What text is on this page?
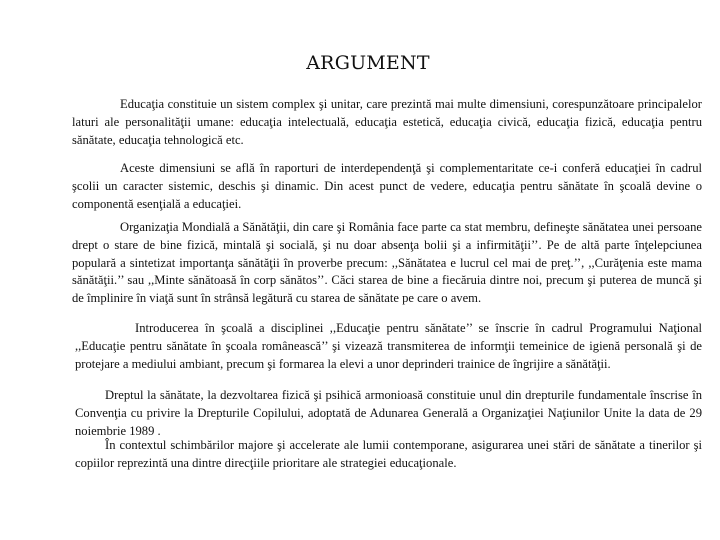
ARGUMENT

Educaţia constituie un sistem complex şi unitar, care prezintă mai multe dimensiuni, corespunzătoare principalelor laturi ale personalităţii umane: educaţia intelectuală, educaţia estetică, educaţia civică, educaţia fizică, educaţia pentru sănătate, educaţia tehnologică etc.

Aceste dimensiuni se află în raporturi de interdependenţă şi complementaritate ce-i conferă educaţiei în cadrul şcolii un caracter sistemic, deschis şi dinamic. Din acest punct de vedere, educaţia pentru sănătate în şcoală devine o componentă esenţială a educaţiei.

Organizaţia Mondială a Sănătăţii, din care şi România face parte ca stat membru, defineşte sănătatea unei persoane drept o stare de bine fizică, mintală şi socială, şi nu doar absenţa bolii şi a infirmităţii’’. Pe de altă parte înţelepciunea populară a sintetizat importanţa sănătăţii în proverbe precum: ,,Sănătatea e lucrul cel mai de preţ.’’, ,,Curăţenia este mama sănătăţii.’’ sau ,,Minte sănătoasă în corp sănătos’’. Căci starea de bine a fiecăruia dintre noi, precum şi puterea de muncă şi de împlinire în viaţă sunt în strânsă legătură cu starea de sănătate pe care o avem.

Introducerea în şcoală a disciplinei ,,Educaţie pentru sănătate’’ se înscrie în cadrul Programului Naţional ,,Educaţie pentru sănătate în şcoala românească’’ şi vizează transmiterea de informţii temeinice de igienă personală şi de protejare a mediului ambiant, precum şi formarea la elevi a unor deprinderi trainice de îngrijire a sănătăţii.

Dreptul la sănătate, la dezvoltarea fizică şi psihică armonioasă constituie unul din drepturile fundamentale înscrise în Convenţia cu privire la Drepturile Copilului, adoptată de Adunarea Generală a Organizaţiei Naţiunilor Unite la data de 29 noiembrie 1989 .

În contextul schimbărilor majore şi accelerate ale lumii contemporane, asigurarea unei stări de sănătate a tinerilor şi copiilor reprezintă una dintre direcţiile prioritare ale strategiei educaţionale.
